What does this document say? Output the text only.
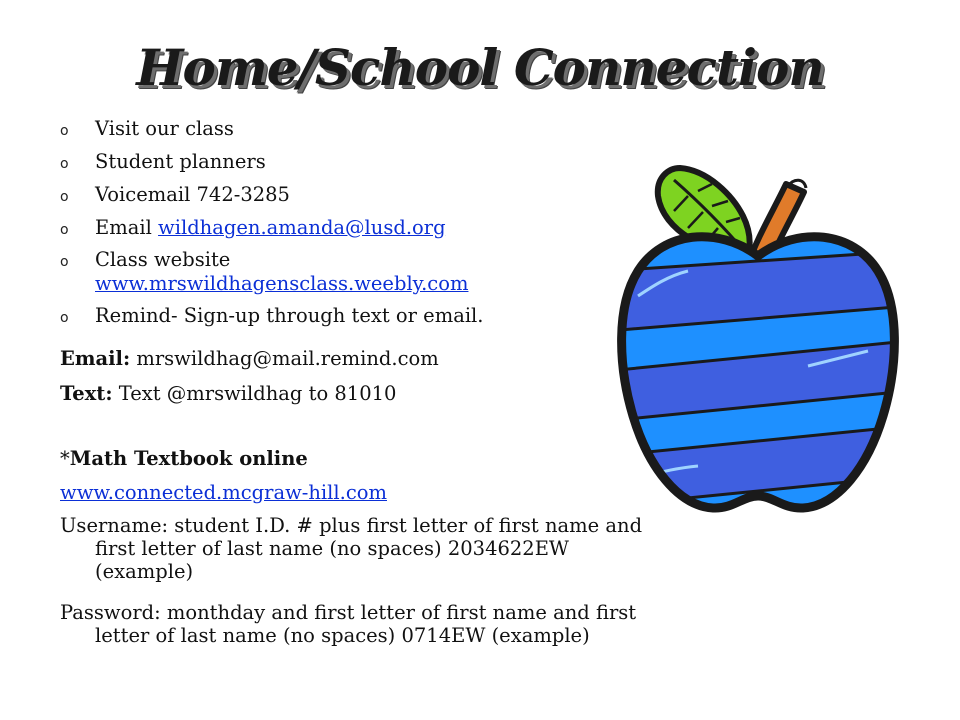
Home/School Connection
o Visit our class
o Student planners
o Voicemail 742-3285
o Email wildhagen.amanda@lusd.org
o Class website
www.mrswildhagensclass.weebly.com
o Remind- Sign-up through text or email.
Email: mrswildhag@mail.remind.com
Text: Text @mrswildhag to 81010
*Math Textbook online
www.connected.mcgraw-hill.com
Username: student I.D. # plus first letter of first name and first letter of last name (no spaces) 2034622EW (example)
Password: monthday and first letter of first name and first letter of last name (no spaces) 0714EW (example)
